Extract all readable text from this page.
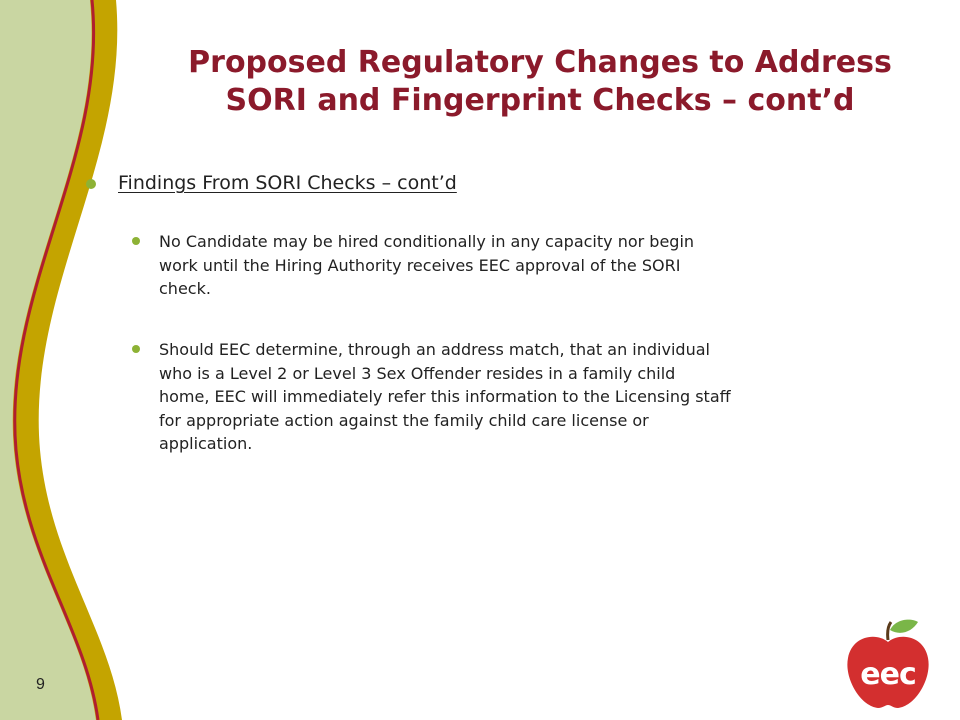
Proposed Regulatory Changes to Address
SORI and Fingerprint Checks – cont’d
Findings From SORI Checks – cont’d
No Candidate may be hired conditionally in any capacity nor begin
work until the Hiring Authority receives EEC approval of the SORI
check.
Should EEC determine, through an address match, that an individual
who is a Level 2 or Level 3 Sex Offender resides in a family child
home, EEC will immediately refer this information to the Licensing staff
for appropriate action against the family child care license or
application.
9	eec
